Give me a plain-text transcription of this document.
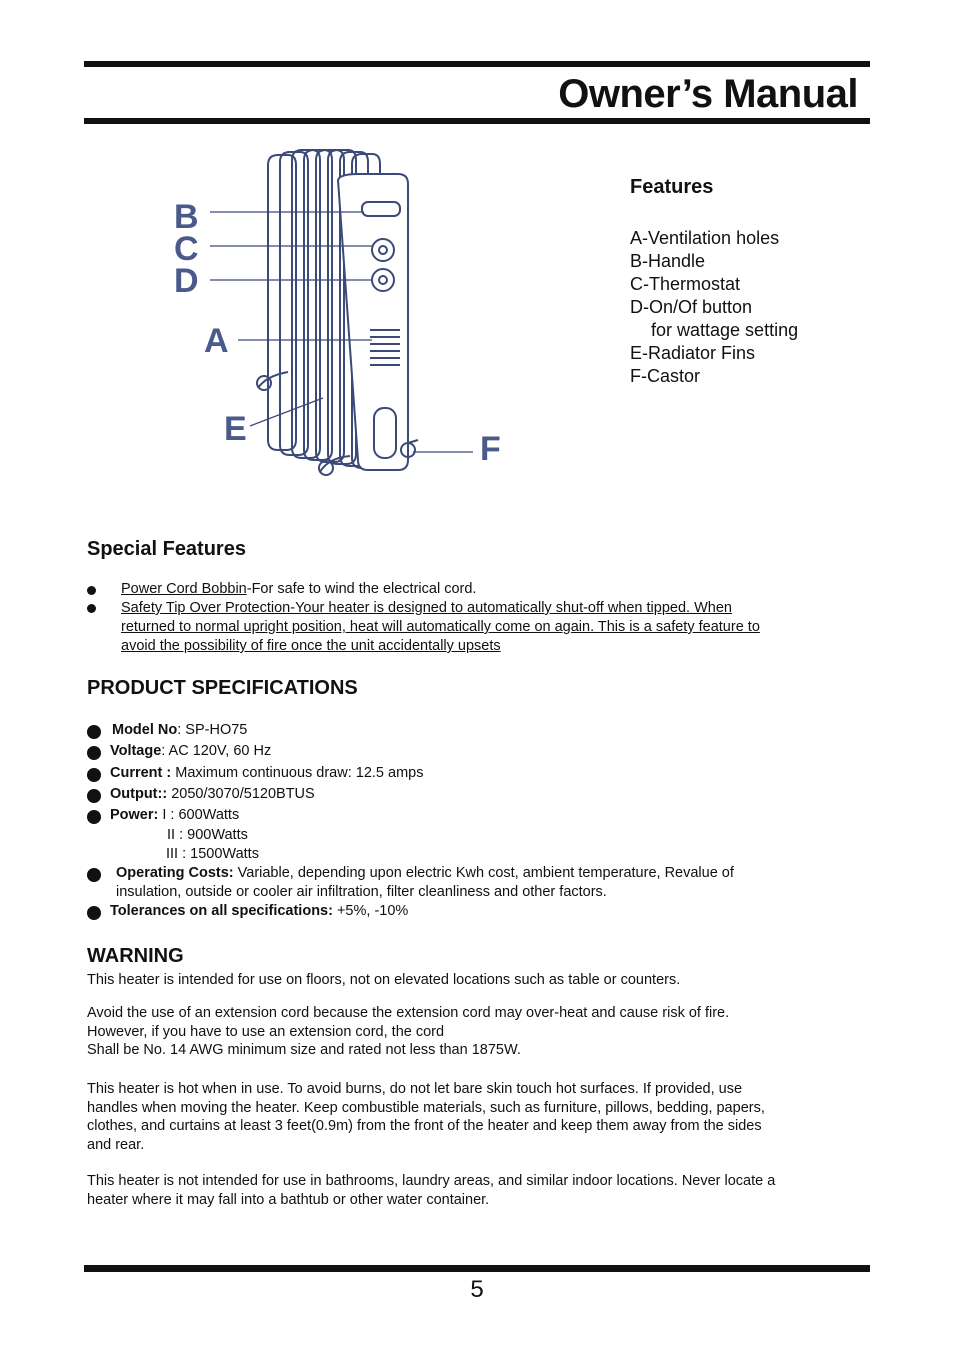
Owner’s Manual
B
C
D
A
E
F
Features
A-Ventilation holes
B-Handle
C-Thermostat
D-On/Of button
for wattage setting
E-Radiator Fins
F-Castor
Special Features
Power Cord Bobbin-For safe to wind the electrical cord.
Safety Tip Over Protection-Your heater is designed to automatically shut-off when tipped. When
returned to normal upright position, heat will automatically come on again. This is a safety feature to
avoid the possibility of fire once the unit accidentally upsets
PRODUCT SPECIFICATIONS
Model No: SP-HO75
Voltage: AC 120V, 60 Hz
Current : Maximum continuous draw: 12.5 amps
Output:: 2050/3070/5120BTUS
Power: I : 600Watts
II : 900Watts
III : 1500Watts
Operating Costs: Variable, depending upon electric Kwh cost, ambient temperature, Revalue of
insulation, outside or cooler air infiltration, filter cleanliness and other factors.
Tolerances on all specifications: +5%, -10%
WARNING

This heater is intended for use on floors, not on elevated locations such as table or counters.

Avoid the use of an extension cord because the extension cord may over-heat and cause risk of fire.
However, if you have to use an extension cord, the cord
Shall be No. 14 AWG minimum size and rated not less than 1875W.
This heater is hot when in use. To avoid burns, do not let bare skin touch hot surfaces. If provided, use
handles when moving the heater. Keep combustible materials, such as furniture, pillows, bedding, papers,
clothes, and curtains at least 3 feet(0.9m) from the front of the heater and keep them away from the sides
and rear.
This heater is not intended for use in bathrooms, laundry areas, and similar indoor locations. Never locate a
heater where it may fall into a bathtub or other water container.
5
